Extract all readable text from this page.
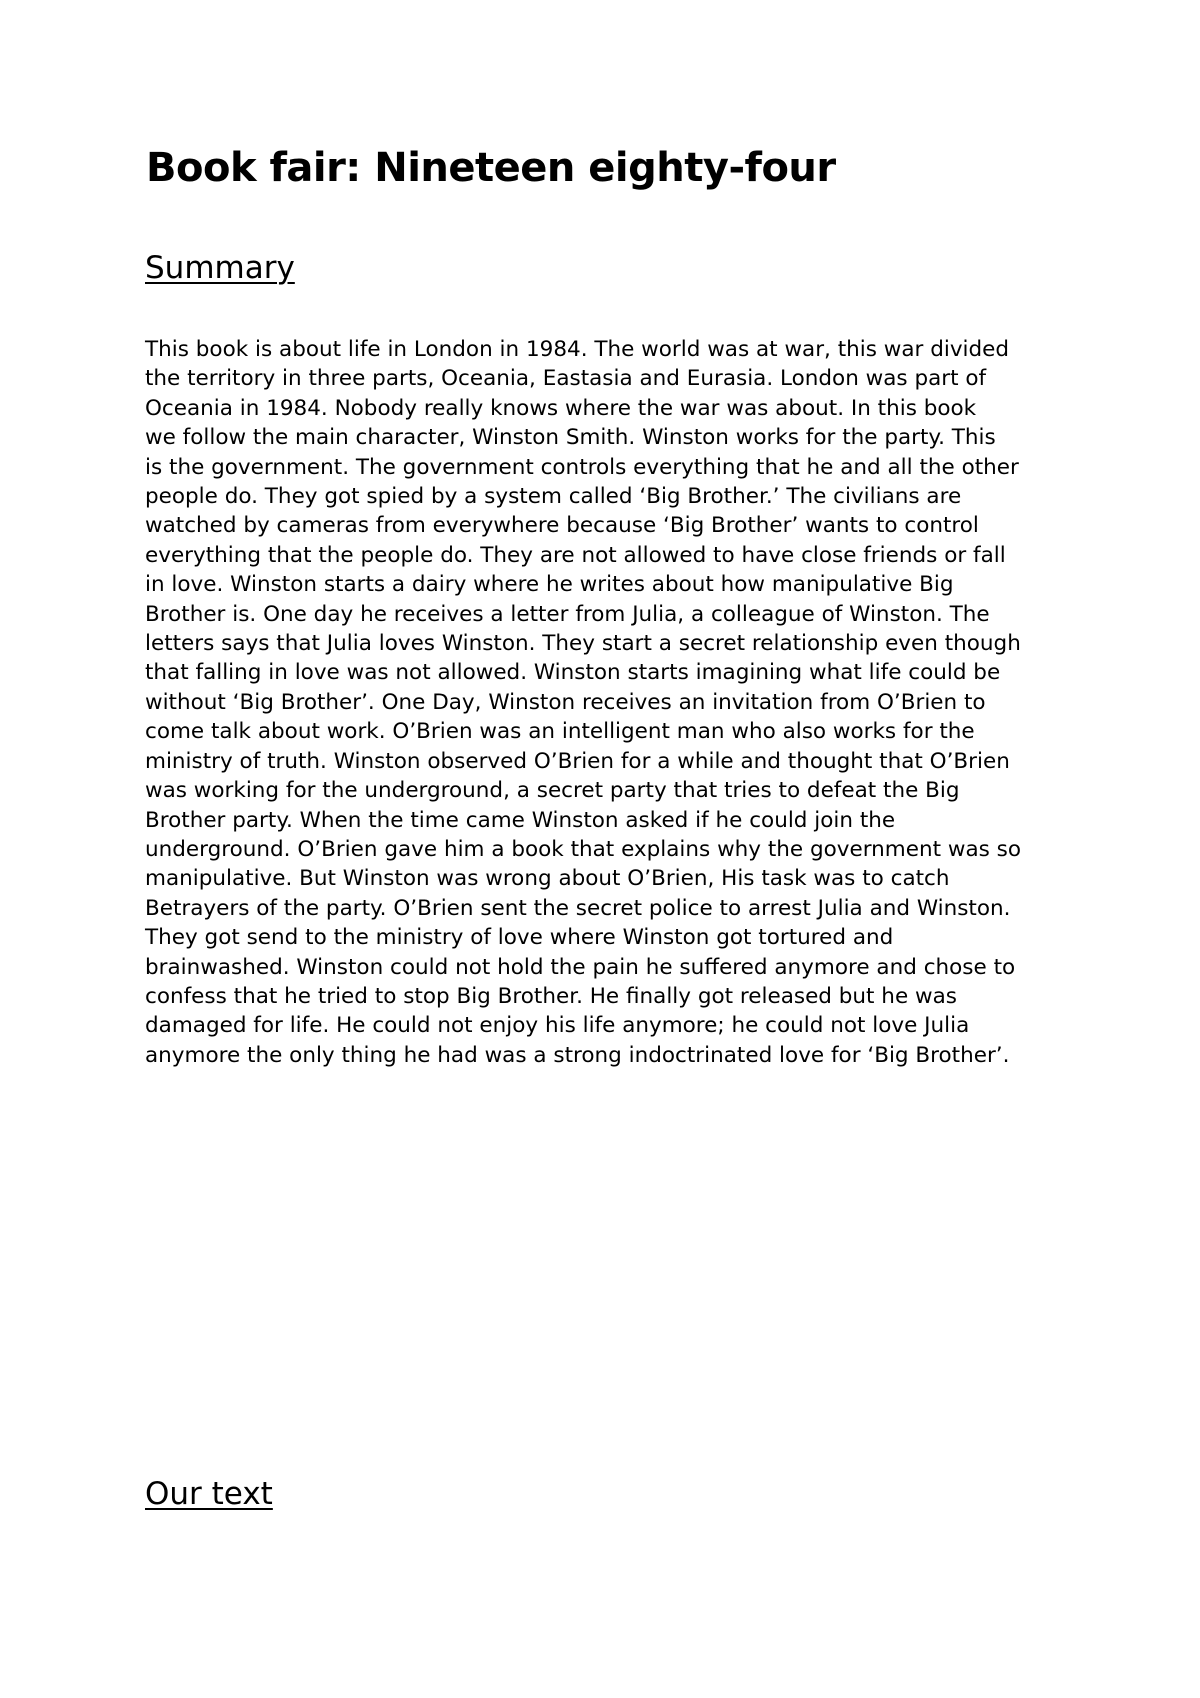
Book fair: Nineteen eighty-four
Summary
This book is about life in London in 1984. The world was at war, this war divided
the territory in three parts, Oceania, Eastasia and Eurasia. London was part of
Oceania in 1984. Nobody really knows where the war was about. In this book
we follow the main character, Winston Smith. Winston works for the party. This
is the government. The government controls everything that he and all the other
people do. They got spied by a system called ‘Big Brother.’ The civilians are
watched by cameras from everywhere because ‘Big Brother’ wants to control
everything that the people do. They are not allowed to have close friends or fall
in love. Winston starts a dairy where he writes about how manipulative Big
Brother is. One day he receives a letter from Julia, a colleague of Winston. The
letters says that Julia loves Winston. They start a secret relationship even though
that falling in love was not allowed. Winston starts imagining what life could be
without ‘Big Brother’. One Day, Winston receives an invitation from O’Brien to
come talk about work. O’Brien was an intelligent man who also works for the
ministry of truth. Winston observed O’Brien for a while and thought that O’Brien
was working for the underground, a secret party that tries to defeat the Big
Brother party. When the time came Winston asked if he could join the
underground. O’Brien gave him a book that explains why the government was so
manipulative. But Winston was wrong about O’Brien, His task was to catch
Betrayers of the party. O’Brien sent the secret police to arrest Julia and Winston.
They got send to the ministry of love where Winston got tortured and
brainwashed. Winston could not hold the pain he suffered anymore and chose to
confess that he tried to stop Big Brother. He finally got released but he was
damaged for life. He could not enjoy his life anymore; he could not love Julia
anymore the only thing he had was a strong indoctrinated love for ‘Big Brother’.
Our text
